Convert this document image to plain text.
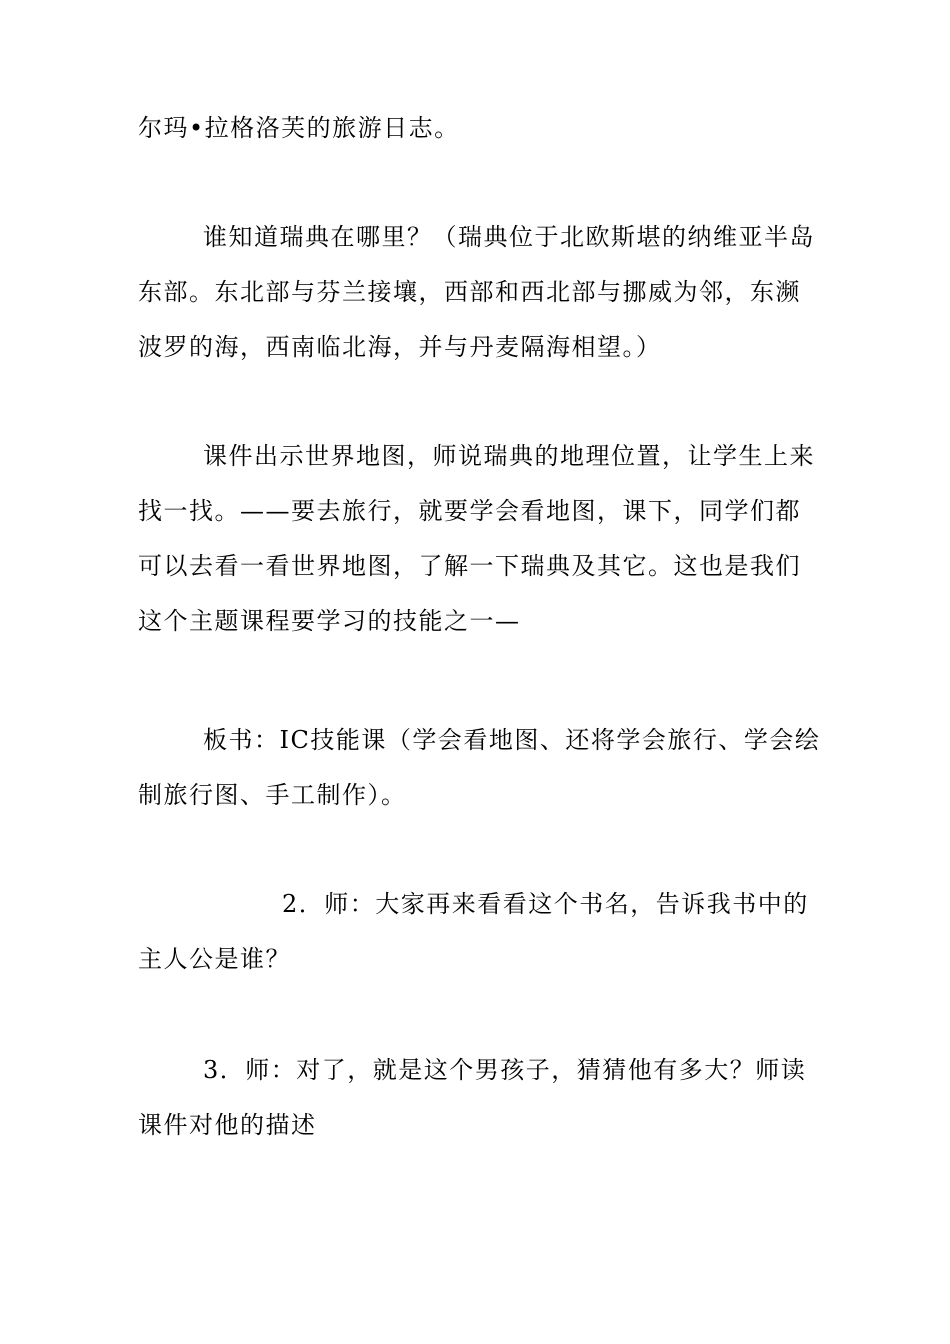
尔玛•拉格洛芙的旅游日志。
谁知道瑞典在哪里？（瑞典位于北欧斯堪的纳维亚半岛
东部。东北部与芬兰接壤，西部和西北部与挪威为邻，东濒
波罗的海，西南临北海，并与丹麦隔海相望。）
课件出示世界地图，师说瑞典的地理位置，让学生上来
找一找。——要去旅行，就要学会看地图，课下，同学们都
可以去看一看世界地图，了解一下瑞典及其它。这也是我们
这个主题课程要学习的技能之一—
板书：IC技能课（学会看地图、还将学会旅行、学会绘
制旅行图、手工制作）。
2．师：大家再来看看这个书名，告诉我书中的
主人公是谁？
3．师：对了，就是这个男孩子，猜猜他有多大？师读
课件对他的描述
